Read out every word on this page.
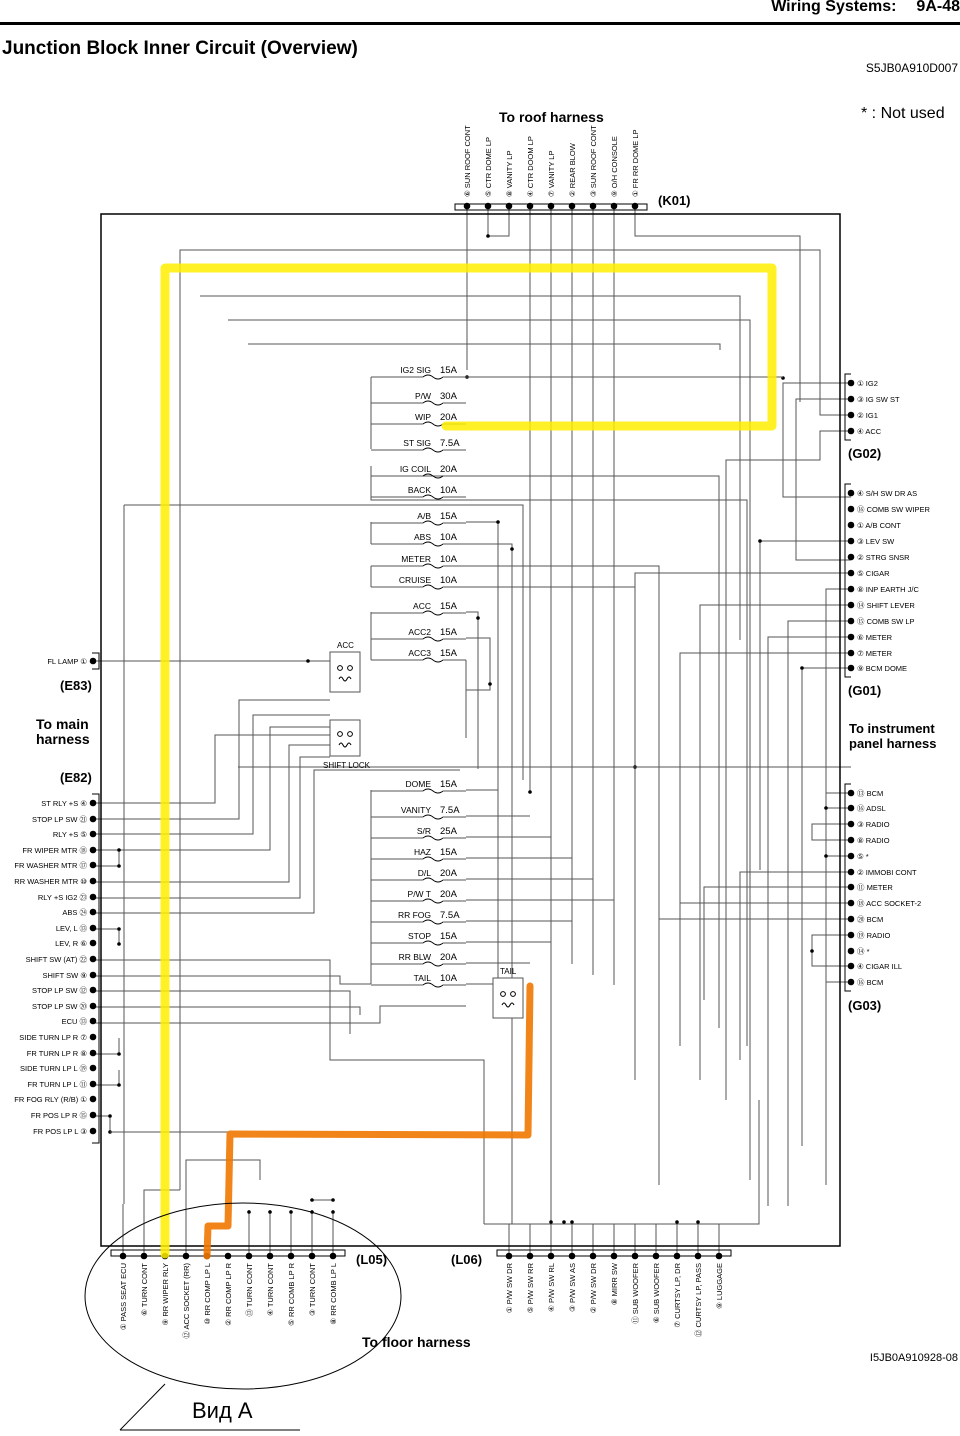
Wiring Systems: 9A-48
Junction Block Inner Circuit (Overview)
S5JB0A910D007
* : Not used
I5JB0A910928-08
⑥ SUN ROOF CONT ⑤ CTR DOME LP ⑧ VANITY LP ④ CTR DOOM LP ⑦ VANITY LP ② REAR BLOW ③ SUN ROOF CONT ⑨ O/H CONSOLE ① FR RR DOME LP
To roof harness
(K01)
① IG2
③ IG SW ST
② IG1
④ ACC
(G02)
④ S/H SW DR AS
⑯ COMB SW WIPER
① A/B CONT
③ LEV SW
② STRG SNSR
⑤ CIGAR
⑧ INP EARTH J/C
⑭ SHIFT LEVER
⑮ COMB SW LP
⑥ METER
⑦ METER
⑨ BCM DOME
(G01)
⑬ BCM
⑯ ADSL
③ RADIO
⑧ RADIO
⑤ *
② IMMOBI CONT
⑪ METER
⑱ ACC SOCKET-2
⑳ BCM
⑲ RADIO
⑭ *
④ CIGAR ILL
⑯ BCM
(G03)
To instrument
panel harness
FL LAMP ①
ST RLY +S ④
STOP LP SW ㉑
RLY +S ⑤
FR WIPER MTR ⑱
FR WASHER MTR ⑰
RR WASHER MTR ⑩
RLY +S IG2 ㉓
ABS ㉔
LEV, L ⑬
LEV, R ⑥
SHIFT SW (AT) ㉒
SHIFT SW ⑨
STOP LP SW ⑫
STOP LP SW ⑳
ECU ⑬
SIDE TURN LP R ⑦
FR TURN LP R ⑧
SIDE TURN LP L ⑲
FR TURN LP L ⑪
FR FOG RLY (R/B) ①
FR POS LP R ⑮
FR POS LP L ③
(E83)
(E82)
To main
harness
① PASS SEAT ECU ⑥ TURN CONT ⑨ RR WIPER RLY ⑫ ACC SOCKET (RR) ⑩ RR COMP LP L ② RR COMP LP R ⑬ TURN CONT ④ TURN CONT ⑤ RR COMB LP R ③ TURN CONT ⑧ RR COMB LP L	① P/W SW DR ⑤ P/W SW RR ④ P/W SW RL ③ P/W SW AS ② P/W SW DR ⑧ MIRR SW ⑪ SUB WOOFER ⑥ SUB WOOFER ⑦ CURTSY LP, DR ⑫ CURTSY LP, PASS ⑨ LUGGAGE
(L05)	(L06)
To floor harness
IG2 SIG 15A
P/W 30A
WIP 20A
ST SIG 7.5A
IG COIL 20A
BACK 10A
A/B 15A
ABS 10A
METER 10A
CRUISE 10A
ACC 15A
ACC2 15A
ACC3 15A
DOME 15A
VANITY 7.5A
S/R 25A
HAZ 15A
D/L 20A
P/W T 20A
RR FOG 7.5A
STOP 15A
RR BLW 20A
TAIL 10A
ACC
SHIFT LOCK
TAIL
Вид А
